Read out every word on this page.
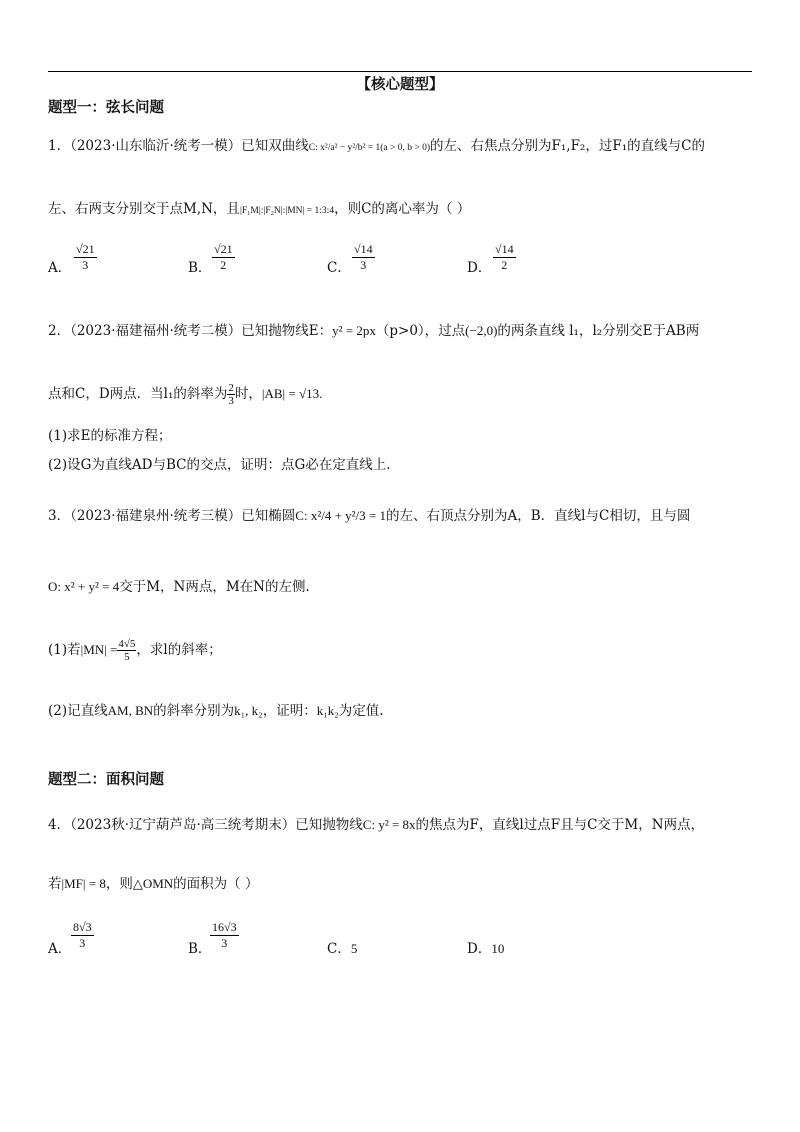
【核心题型】
题型一：弦长问题
1．（2023·山东临沂·统考一模）已知双曲线C: x²/a² − y²/b² = 1(a > 0, b > 0)的左、右焦点分别为F₁,F₂，过F₁的直线与C的
左、右两支分别交于点M,N，且|F₁M|:|F₂N|:|MN| = 1:3:4，则C的离心率为（ ）
A． $\frac{√21}{3}$	B． $\frac{√21}{2}$	C． $\frac{√14}{3}$	D． $\frac{√14}{2}$
2．（2023·福建福州·统考二模）已知抛物线E：y² = 2px（p>0），过点(−2,0)的两条直线 l₁，l₂分别交E于AB两
点和C，D两点．当l₁的斜率为 $\frac{2}{3}$ 时，|AB| = √13.
(1)求E的标准方程；
(2)设G为直线AD与BC的交点，证明：点G必在定直线上.
3．（2023·福建泉州·统考三模）已知椭圆C: x²/4 + y²/3 = 1的左、右顶点分别为A，B．直线l与C相切，且与圆
O: x² + y² = 4交于M，N两点，M在N的左侧.
(1)若$|MN| = \frac{4√5}{5}$ ，求l的斜率；
(2)记直线AM, BN的斜率分别为k₁, k₂，证明：k₁k₂为定值.
题型二：面积问题
4．（2023秋·辽宁葫芦岛·高三统考期末）已知抛物线C: y² = 8x的焦点为F，直线l过点F且与C交于M，N两点，
若|MF| = 8，则△OMN的面积为（ ）
A． $\frac{8√3}{3}$	B．
$\frac{16√3}{3}$	C．5	D．10
